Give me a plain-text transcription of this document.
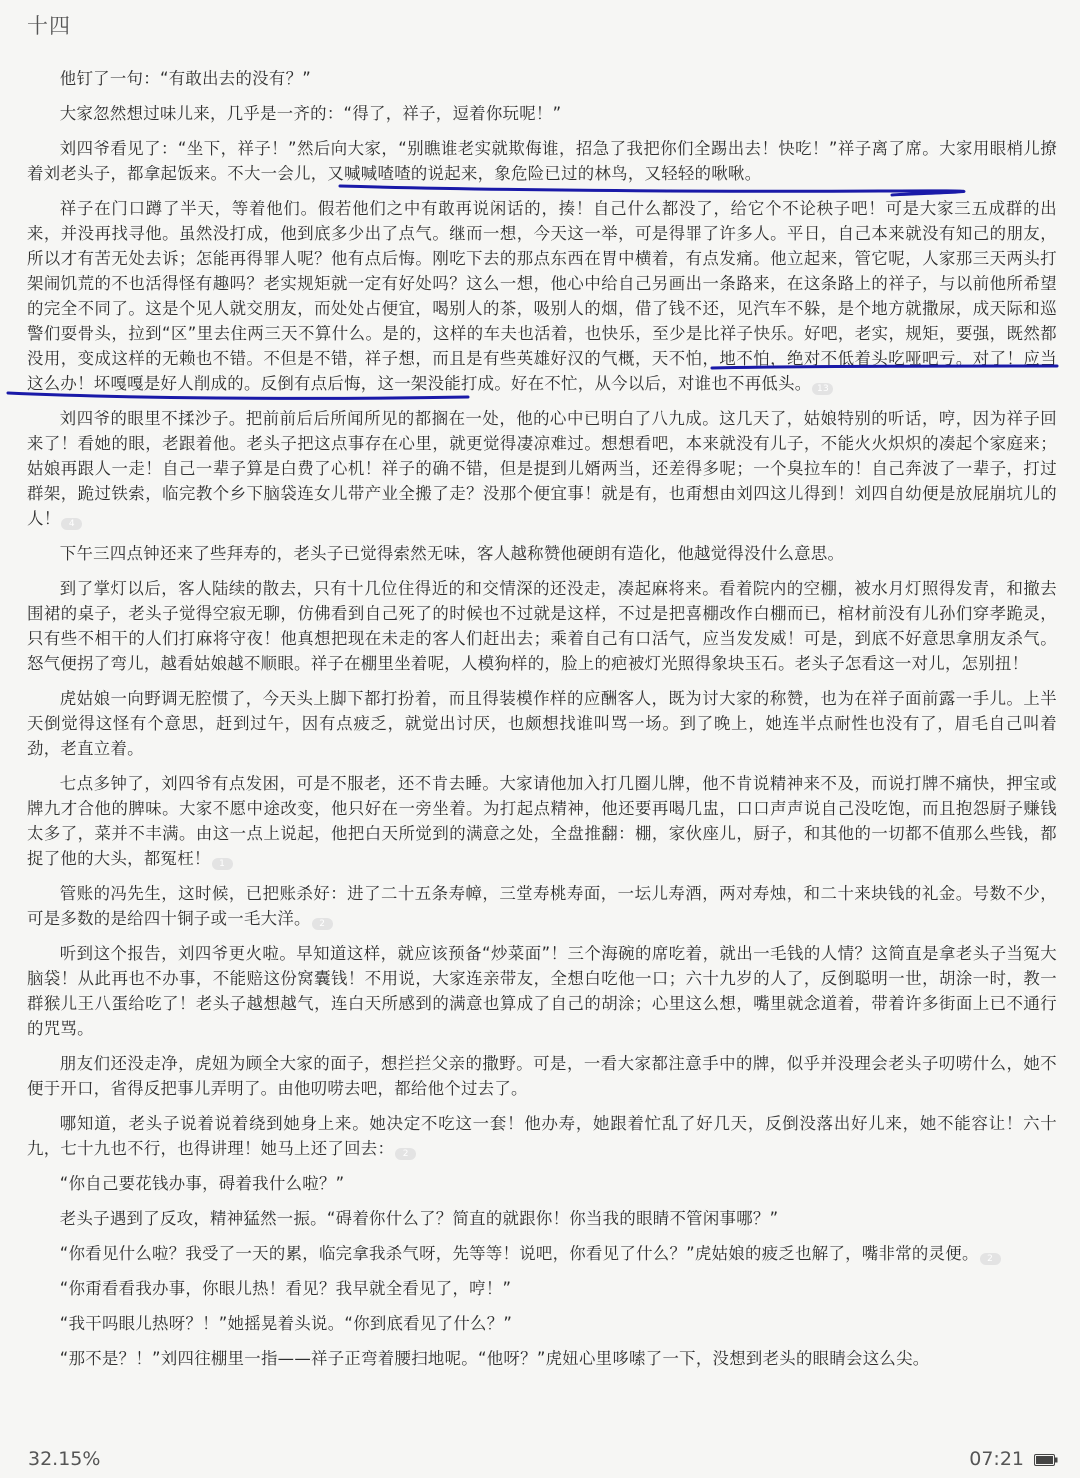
十四

他钉了一句：“有敢出去的没有？”

大家忽然想过味儿来，几乎是一齐的：“得了，祥子，逗着你玩呢！”

刘四爷看见了：“坐下，祥子！”然后向大家，“别瞧谁老实就欺侮谁，招急了我把你们全踢出去！快吃！”祥子离了席。大家用眼梢儿撩着刘老头子，都拿起饭来。不大一会儿，又喊喊喳喳的说起来，象危险已过的林鸟，又轻轻的啾啾。

祥子在门口蹲了半天，等着他们。假若他们之中有敢再说闲话的，揍！自己什么都没了，给它个不论秧子吧！可是大家三五成群的出来，并没再找寻他。虽然没打成，他到底多少出了点气。继而一想，今天这一举，可是得罪了许多人。平日，自己本来就没有知己的朋友，所以才有苦无处去诉；怎能再得罪人呢？他有点后悔。刚吃下去的那点东西在胃中横着，有点发痛。他立起来，管它呢，人家那三天两头打架闹饥荒的不也活得怪有趣吗？老实规矩就一定有好处吗？这么一想，他心中给自己另画出一条路来，在这条路上的祥子，与以前他所希望的完全不同了。这是个见人就交朋友，而处处占便宜，喝别人的茶，吸别人的烟，借了钱不还，见汽车不躲，是个地方就撒尿，成天际和巡警们耍骨头，拉到“区”里去住两三天不算什么。是的，这样的车夫也活着，也快乐，至少是比祥子快乐。好吧，老实，规矩，要强，既然都没用，变成这样的无赖也不错。不但是不错，祥子想，而且是有些英雄好汉的气概，天不怕，地不怕，绝对不低着头吃哑吧亏。对了！应当这么办！坏嘎嘎是好人削成的。反倒有点后悔，这一架没能打成。好在不忙，从今以后，对谁也不再低头。 13

刘四爷的眼里不揉沙子。把前前后后所闻所见的都搁在一处，他的心中已明白了八九成。这几天了，姑娘特别的听话，哼，因为祥子回来了！看她的眼，老跟着他。老头子把这点事存在心里，就更觉得凄凉难过。想想看吧，本来就没有儿子，不能火火炽炽的凑起个家庭来；姑娘再跟人一走！自己一辈子算是白费了心机！祥子的确不错，但是提到儿婿两当，还差得多呢；一个臭拉车的！自己奔波了一辈子，打过群架，跪过铁索，临完教个乡下脑袋连女儿带产业全搬了走？没那个便宜事！就是有，也甭想由刘四这儿得到！刘四自幼便是放屁崩坑儿的人！ 4

下午三四点钟还来了些拜寿的，老头子已觉得索然无味，客人越称赞他硬朗有造化，他越觉得没什么意思。

到了掌灯以后，客人陆续的散去，只有十几位住得近的和交情深的还没走，凑起麻将来。看着院内的空棚，被水月灯照得发青，和撤去围裙的桌子，老头子觉得空寂无聊，仿佛看到自己死了的时候也不过就是这样，不过是把喜棚改作白棚而已，棺材前没有儿孙们穿孝跪灵，只有些不相干的人们打麻将守夜！他真想把现在未走的客人们赶出去；乘着自己有口活气，应当发发威！可是，到底不好意思拿朋友杀气。怒气便拐了弯儿，越看姑娘越不顺眼。祥子在棚里坐着呢，人模狗样的，脸上的疤被灯光照得象块玉石。老头子怎看这一对儿，怎别扭！

虎姑娘一向野调无腔惯了，今天头上脚下都打扮着，而且得装模作样的应酬客人，既为讨大家的称赞，也为在祥子面前露一手儿。上半天倒觉得这怪有个意思，赶到过午，因有点疲乏，就觉出讨厌，也颇想找谁叫骂一场。到了晚上，她连半点耐性也没有了，眉毛自己叫着劲，老直立着。

七点多钟了，刘四爷有点发困，可是不服老，还不肯去睡。大家请他加入打几圈儿牌，他不肯说精神来不及，而说打牌不痛快，押宝或牌九才合他的脾味。大家不愿中途改变，他只好在一旁坐着。为打起点精神，他还要再喝几盅，口口声声说自己没吃饱，而且抱怨厨子赚钱太多了，菜并不丰满。由这一点上说起，他把白天所觉到的满意之处，全盘推翻：棚，家伙座儿，厨子，和其他的一切都不值那么些钱，都捉了他的大头，都冤枉！ 1

管账的冯先生，这时候，已把账杀好：进了二十五条寿幛，三堂寿桃寿面，一坛儿寿酒，两对寿烛，和二十来块钱的礼金。号数不少，可是多数的是给四十铜子或一毛大洋。 2

听到这个报告，刘四爷更火啦。早知道这样，就应该预备“炒菜面”！三个海碗的席吃着，就出一毛钱的人情？这简直是拿老头子当冤大脑袋！从此再也不办事，不能赔这份窝囊钱！不用说，大家连亲带友，全想白吃他一口；六十九岁的人了，反倒聪明一世，胡涂一时，教一群猴儿王八蛋给吃了！老头子越想越气，连白天所感到的满意也算成了自己的胡涂；心里这么想，嘴里就念道着，带着许多街面上已不通行的咒骂。

朋友们还没走净，虎妞为顾全大家的面子，想拦拦父亲的撒野。可是，一看大家都注意手中的牌，似乎并没理会老头子叨唠什么，她不便于开口，省得反把事儿弄明了。由他叨唠去吧，都给他个过去了。

哪知道，老头子说着说着绕到她身上来。她决定不吃这一套！他办寿，她跟着忙乱了好几天，反倒没落出好儿来，她不能容让！六十九，七十九也不行，也得讲理！她马上还了回去： 2

“你自己要花钱办事，碍着我什么啦？”

老头子遇到了反攻，精神猛然一振。“碍着你什么了？简直的就跟你！你当我的眼睛不管闲事哪？”

“你看见什么啦？我受了一天的累，临完拿我杀气呀，先等等！说吧，你看见了什么？”虎姑娘的疲乏也解了，嘴非常的灵便。 2

“你甭看看我办事，你眼儿热！看见？我早就全看见了，哼！”

“我干吗眼儿热呀？！”她摇晃着头说。“你到底看见了什么？”

“那不是？！”刘四往棚里一指——祥子正弯着腰扫地呢。“他呀？”虎妞心里哆嗦了一下，没想到老头的眼睛会这么尖。

32.15%	07:21
